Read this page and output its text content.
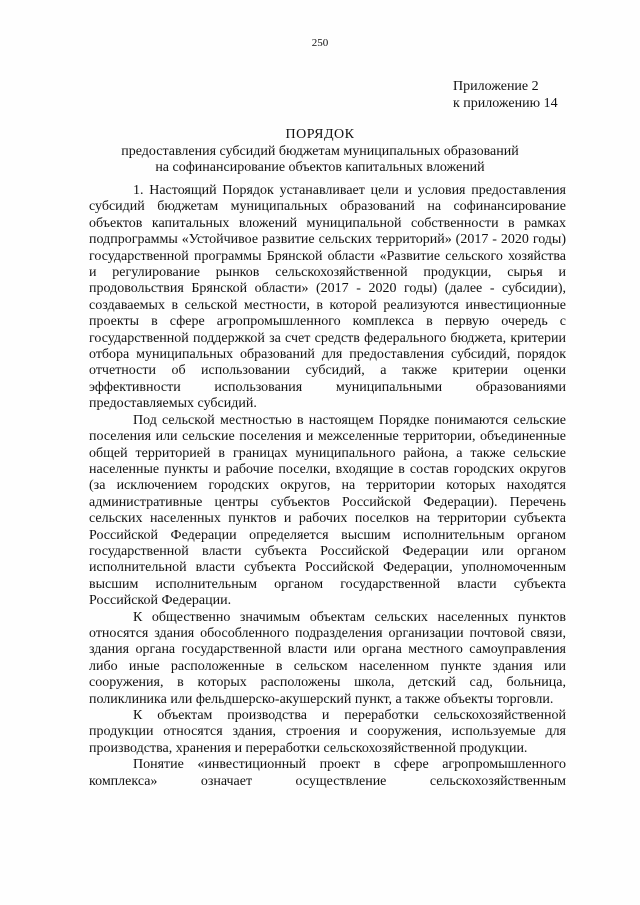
250
Приложение 2
к приложению 14
ПОРЯДОК
предоставления субсидий бюджетам муниципальных образований
на софинансирование объектов капитальных вложений

1. Настоящий Порядок устанавливает цели и условия предоставления субсидий бюджетам муниципальных образований на софинансирование объектов капитальных вложений муниципальной собственности в рамках подпрограммы «Устойчивое развитие сельских территорий» (2017 - 2020 годы) государственной программы Брянской области «Развитие сельского хозяйства и регулирование рынков сельскохозяйственной продукции, сырья и продовольствия Брянской области» (2017 - 2020 годы) (далее - субсидии), создаваемых в сельской местности, в которой реализуются инвестиционные проекты в сфере агропромышленного комплекса в первую очередь с государственной поддержкой за счет средств федерального бюджета, критерии отбора муниципальных образований для предоставления субсидий, порядок отчетности об использовании субсидий, а также критерии оценки эффективности использования муниципальными образованиями предоставляемых субсидий.

Под сельской местностью в настоящем Порядке понимаются сельские поселения или сельские поселения и межселенные территории, объединенные общей территорией в границах муниципального района, а также сельские населенные пункты и рабочие поселки, входящие в состав городских округов (за исключением городских округов, на территории которых находятся административные центры субъектов Российской Федерации). Перечень сельских населенных пунктов и рабочих поселков на территории субъекта Российской Федерации определяется высшим исполнительным органом государственной власти субъекта Российской Федерации или органом исполнительной власти субъекта Российской Федерации, уполномоченным высшим исполнительным органом государственной власти субъекта Российской Федерации.

К общественно значимым объектам сельских населенных пунктов относятся здания обособленного подразделения организации почтовой связи, здания органа государственной власти или органа местного самоуправления либо иные расположенные в сельском населенном пункте здания или сооружения, в которых расположены школа, детский сад, больница, поликлиника или фельдшерско-акушерский пункт, а также объекты торговли.

К объектам производства и переработки сельскохозяйственной продукции относятся здания, строения и сооружения, используемые для производства, хранения и переработки сельскохозяйственной продукции.

Понятие «инвестиционный проект в сфере агропромышленного комплекса» означает осуществление сельскохозяйственным
